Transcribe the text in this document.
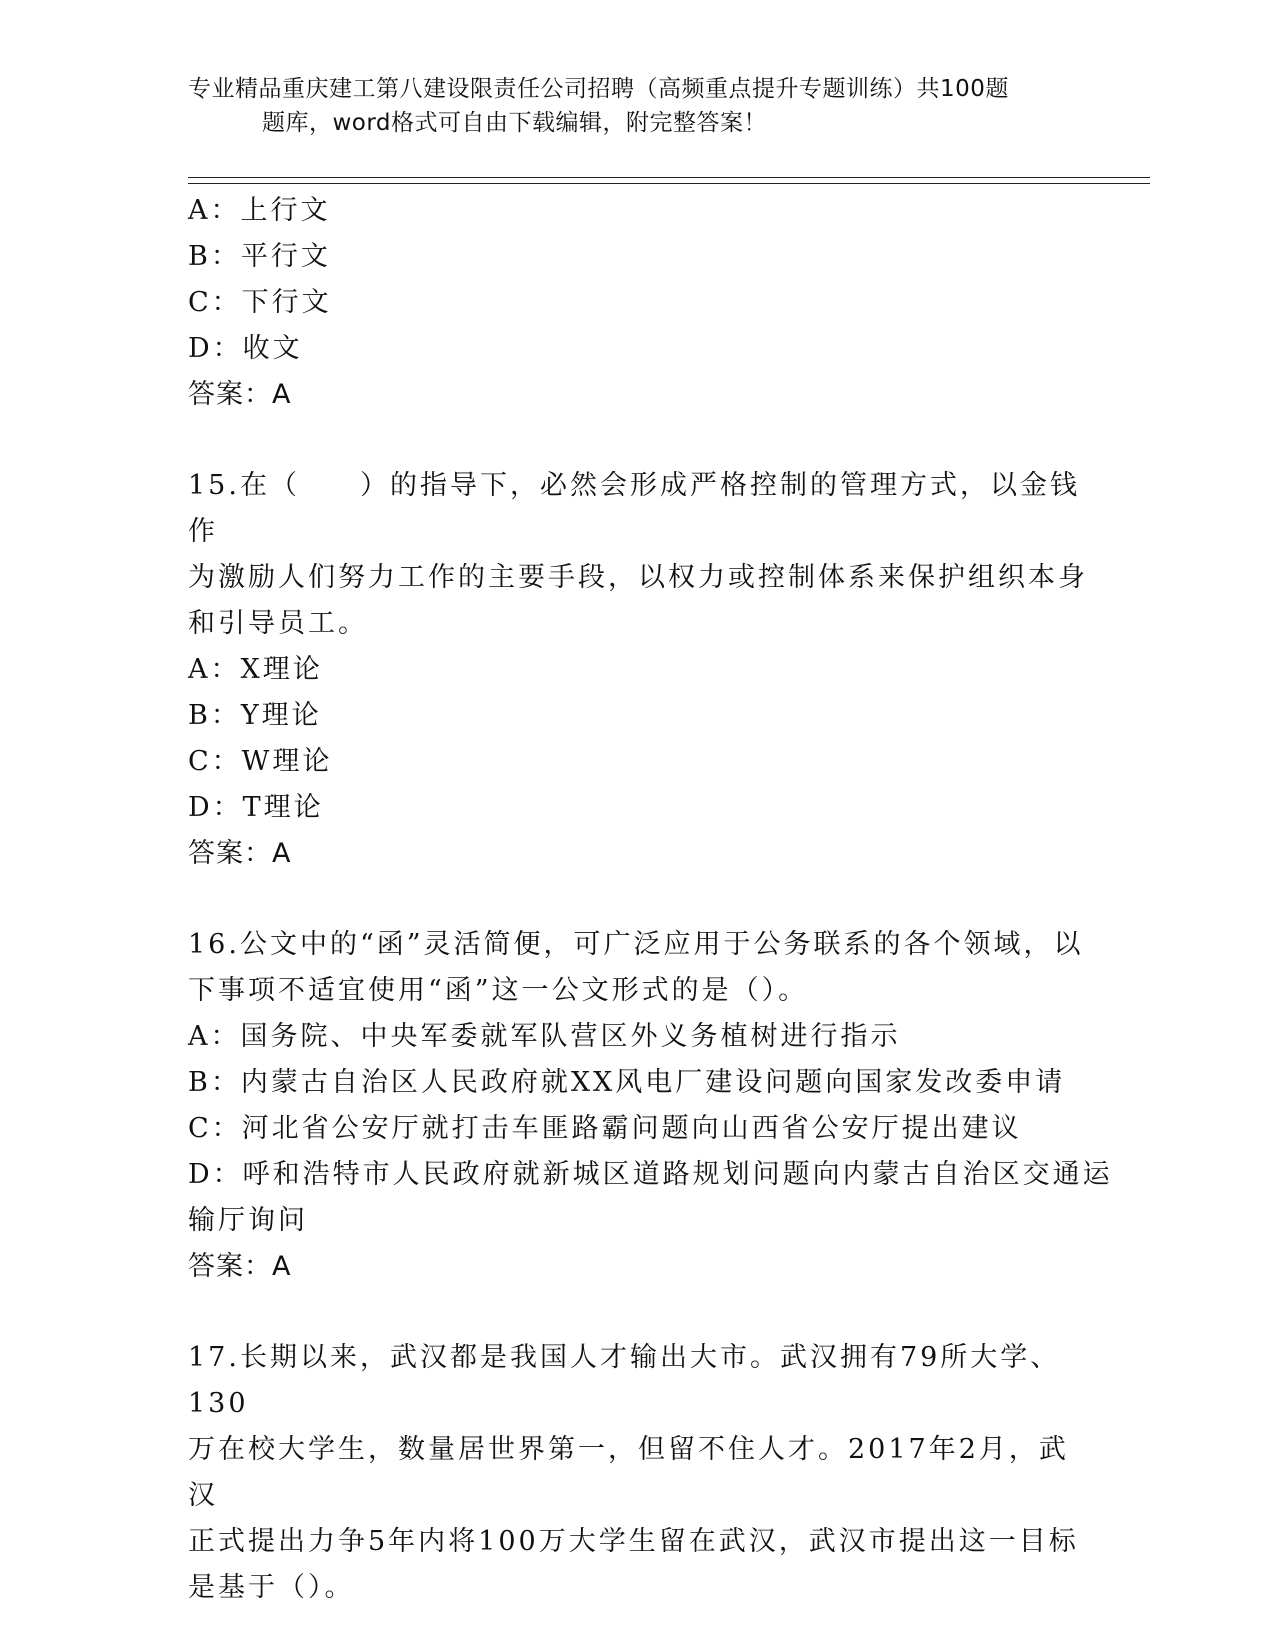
专业精品重庆建工第八建设限责任公司招聘（高频重点提升专题训练）共100题
题库，word格式可自由下载编辑，附完整答案！
A：上行文
B：平行文
C：下行文
D：收文
答案：A
15.在（　　）的指导下，必然会形成严格控制的管理方式，以金钱作
为激励人们努力工作的主要手段，以权力或控制体系来保护组织本身
和引导员工。
A：X理论
B：Y理论
C：W理论
D：T理论
答案：A
16.公文中的“函”灵活简便，可广泛应用于公务联系的各个领域，以
下事项不适宜使用“函”这一公文形式的是（）。
A：国务院、中央军委就军队营区外义务植树进行指示
B：内蒙古自治区人民政府就XX风电厂建设问题向国家发改委申请
C：河北省公安厅就打击车匪路霸问题向山西省公安厅提出建议
D：呼和浩特市人民政府就新城区道路规划问题向内蒙古自治区交通运
输厅询问
答案：A
17.长期以来，武汉都是我国人才输出大市。武汉拥有79所大学、130
万在校大学生，数量居世界第一，但留不住人才。2017年2月，武汉
正式提出力争5年内将100万大学生留在武汉，武汉市提出这一目标
是基于（）。
